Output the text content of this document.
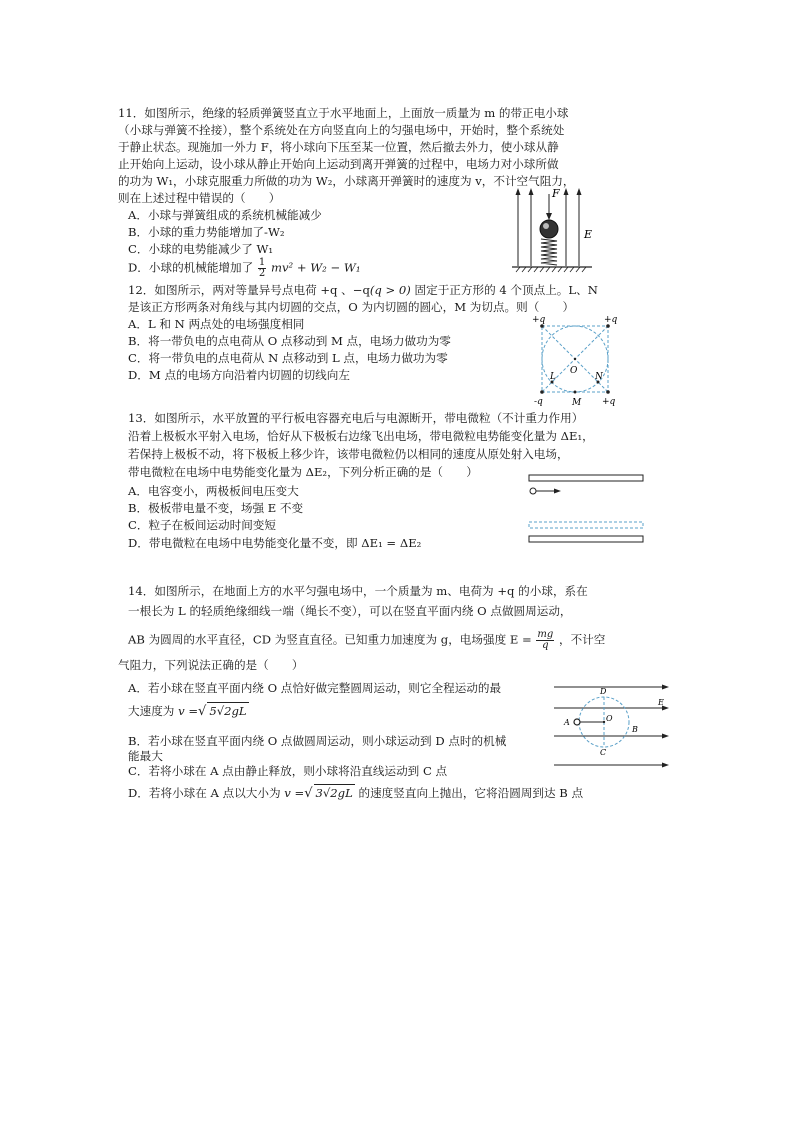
11．如图所示，绝缘的轻质弹簧竖直立于水平地面上，上面放一质量为 m 的带正电小球
（小球与弹簧不拴接），整个系统处在方向竖直向上的匀强电场中，开始时，整个系统处
于静止状态。现施加一外力 F，将小球向下压至某一位置，然后撤去外力，使小球从静
止开始向上运动，设小球从静止开始向上运动到离开弹簧的过程中，电场力对小球所做
的功为 W₁，小球克服重力所做的功为 W₂，小球离开弹簧时的速度为 v，不计空气阻力，
则在上述过程中错误的（　　）
A．小球与弹簧组成的系统机械能减少
B．小球的重力势能增加了-W₂
C．小球的电势能减少了 W₁
D．小球的机械能增加了 $\frac{1}{2} mv^2 + W_2 - W_1$
F
E
12．如图所示，两对等量异号点电荷 +q 、−q(q > 0) 固定于正方形的 4 个顶点上。L、N
是该正方形两条对角线与其内切圆的交点，O 为内切圆的圆心，M 为切点。则（　　）
A．L 和 N 两点处的电场强度相同
B．将一带负电的点电荷从 O 点移动到 M 点，电场力做功为零
C．将一带负电的点电荷从 N 点移动到 L 点，电场力做功为零
D．M 点的电场方向沿着内切圆的切线向左
+q	+q
-q	+q
L	N
O
M
13．如图所示，水平放置的平行板电容器充电后与电源断开，带电微粒（不计重力作用）
沿着上极板水平射入电场，恰好从下极板右边缘飞出电场，带电微粒电势能变化量为 ΔE₁，
若保持上极板不动，将下极板上移少许，该带电微粒仍以相同的速度从原处射入电场，
带电微粒在电场中电势能变化量为 ΔE₂，下列分析正确的是（　　）
A．电容变小，两极板间电压变大
B．极板带电量不变，场强 E 不变
C．粒子在板间运动时间变短
D．带电微粒在电场中电势能变化量不变，即 ΔE₁ = ΔE₂
14．如图所示，在地面上方的水平匀强电场中，一个质量为 m、电荷为 +q 的小球，系在
一根长为 L 的轻质绝缘细线一端（绳长不变），可以在竖直平面内绕 O 点做圆周运动，
AB 为圆周的水平直径，CD 为竖直直径。已知重力加速度为 g，电场强度 $E = \frac{mg}{q}$ ，不计空
气阻力，下列说法正确的是（　　）
A．若小球在竖直平面内绕 O 点恰好做完整圆周运动，则它全程运动的最
大速度为 v =√ 5√2gL
B．若小球在竖直平面内绕 O 点做圆周运动，则小球运动到 D 点时的机械
能最大
C．若将小球在 A 点由静止释放，则小球将沿直线运动到 C 点
D．若将小球在 A 点以大小为 v =√ 3√2gL 的速度竖直向上抛出，它将沿圆周到达 B 点
D
E
A	O
B
C
